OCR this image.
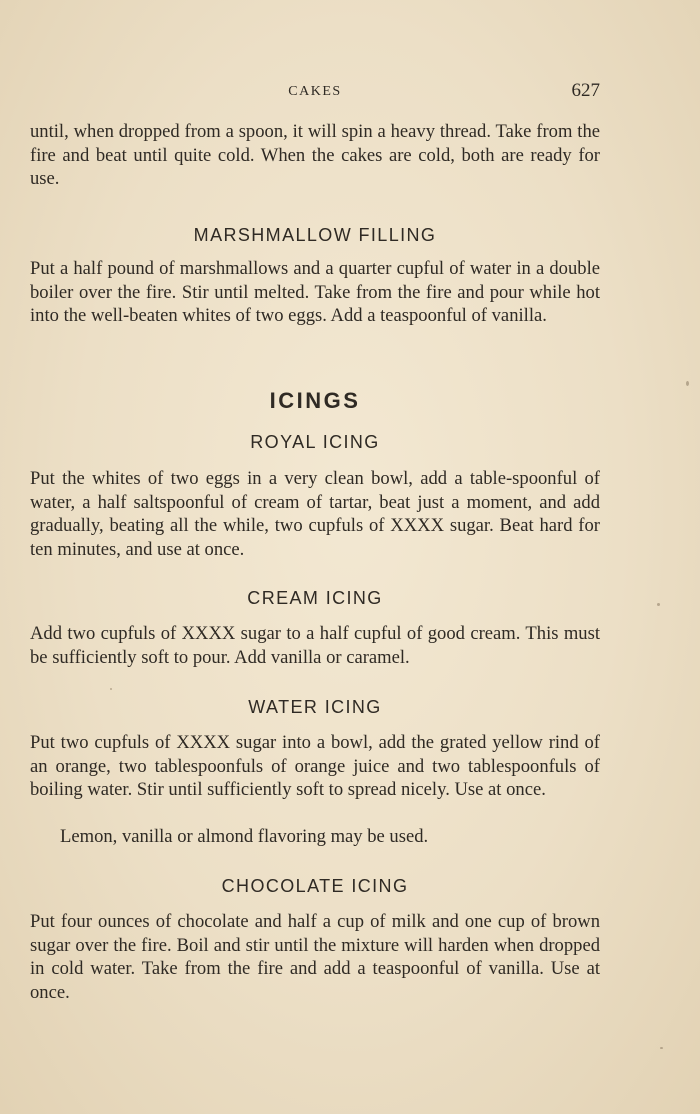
CAKES	627

until, when dropped from a spoon, it will spin a heavy thread. Take from the fire and beat until quite cold. When the cakes are cold, both are ready for use.

MARSHMALLOW FILLING

Put a half pound of marshmallows and a quarter cupful of water in a double boiler over the fire. Stir until melted. Take from the fire and pour while hot into the well-beaten whites of two eggs. Add a teaspoonful of vanilla.

ICINGS
ROYAL ICING

Put the whites of two eggs in a very clean bowl, add a table-spoonful of water, a half saltspoonful of cream of tartar, beat just a moment, and add gradually, beating all the while, two cupfuls of XXXX sugar. Beat hard for ten minutes, and use at once.

CREAM ICING

Add two cupfuls of XXXX sugar to a half cupful of good cream. This must be sufficiently soft to pour. Add vanilla or caramel.

WATER ICING

Put two cupfuls of XXXX sugar into a bowl, add the grated yellow rind of an orange, two tablespoonfuls of orange juice and two tablespoonfuls of boiling water. Stir until sufficiently soft to spread nicely. Use at once.

Lemon, vanilla or almond flavoring may be used.

CHOCOLATE ICING

Put four ounces of chocolate and half a cup of milk and one cup of brown sugar over the fire. Boil and stir until the mixture will harden when dropped in cold water. Take from the fire and add a teaspoonful of vanilla. Use at once.
